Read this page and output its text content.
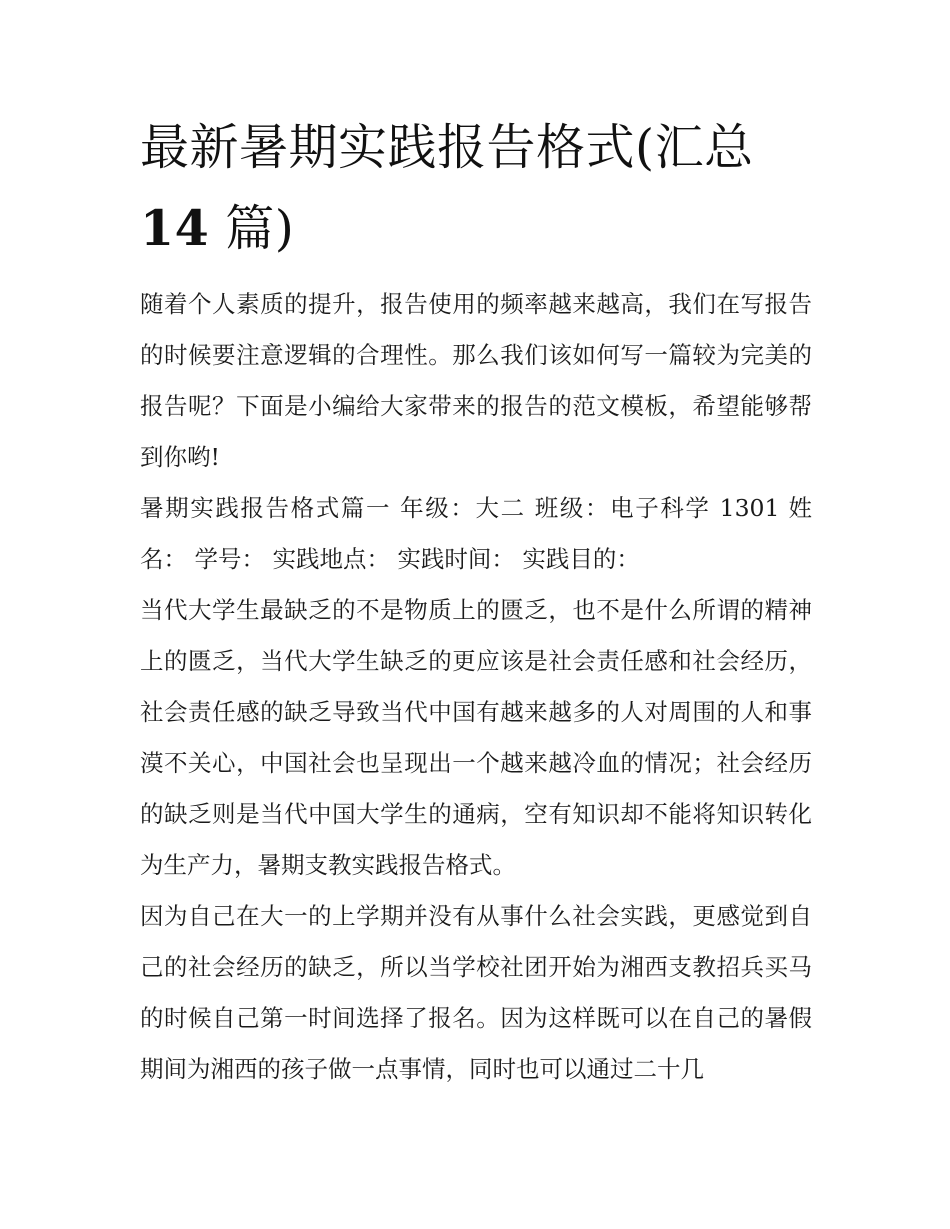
最新暑期实践报告格式(汇总
14 篇)

随着个人素质的提升，报告使用的频率越来越高，我们在写报告的时候要注意逻辑的合理性。那么我们该如何写一篇较为完美的报告呢？下面是小编给大家带来的报告的范文模板，希望能够帮到你哟!

暑期实践报告格式篇一 年级：大二 班级：电子科学 1301 姓名： 学号： 实践地点： 实践时间： 实践目的：

当代大学生最缺乏的不是物质上的匮乏，也不是什么所谓的精神上的匮乏，当代大学生缺乏的更应该是社会责任感和社会经历，社会责任感的缺乏导致当代中国有越来越多的人对周围的人和事漠不关心，中国社会也呈现出一个越来越冷血的情况；社会经历的缺乏则是当代中国大学生的通病，空有知识却不能将知识转化为生产力，暑期支教实践报告格式。

因为自己在大一的上学期并没有从事什么社会实践，更感觉到自己的社会经历的缺乏，所以当学校社团开始为湘西支教招兵买马的时候自己第一时间选择了报名。因为这样既可以在自己的暑假期间为湘西的孩子做一点事情，同时也可以通过二十几
